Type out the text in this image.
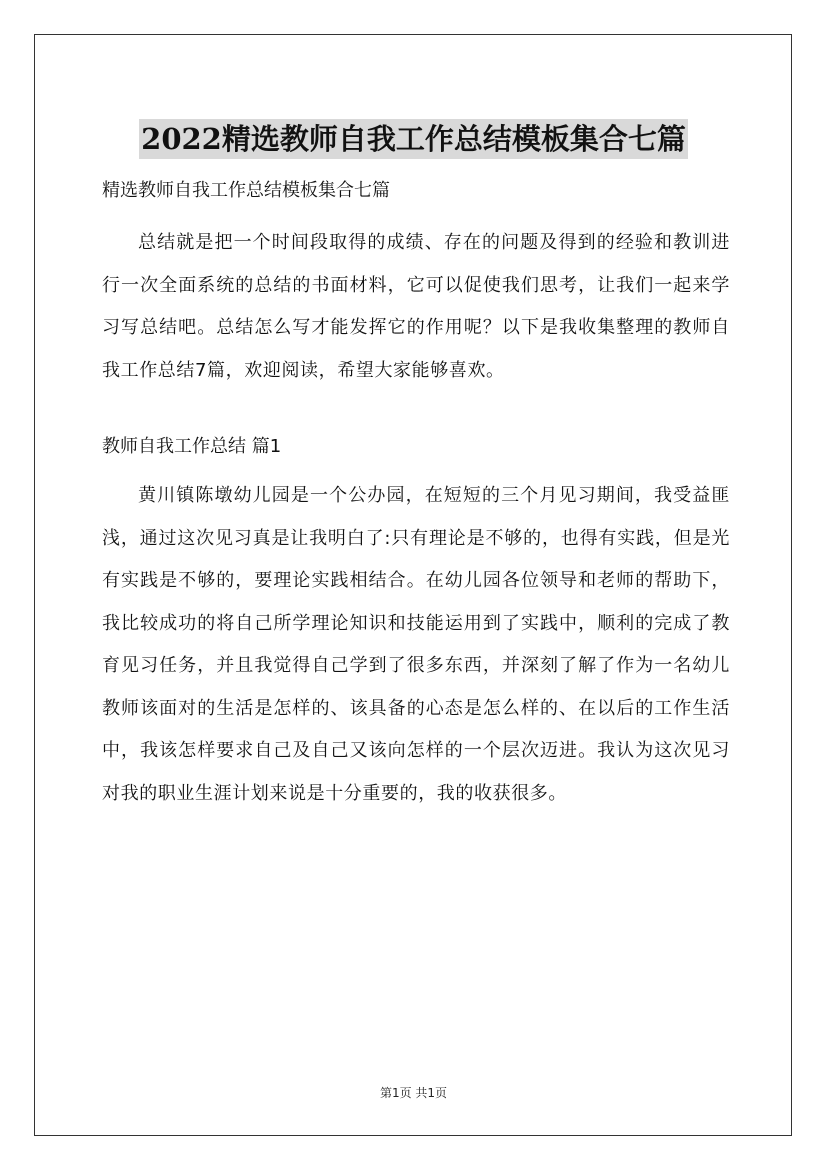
2022精选教师自我工作总结模板集合七篇

精选教师自我工作总结模板集合七篇

总结就是把一个时间段取得的成绩、存在的问题及得到的经验和教训进行一次全面系统的总结的书面材料，它可以促使我们思考，让我们一起来学习写总结吧。总结怎么写才能发挥它的作用呢？以下是我收集整理的教师自我工作总结7篇，欢迎阅读，希望大家能够喜欢。

教师自我工作总结 篇1

黄川镇陈墩幼儿园是一个公办园，在短短的三个月见习期间，我受益匪浅，通过这次见习真是让我明白了:只有理论是不够的，也得有实践，但是光有实践是不够的，要理论实践相结合。在幼儿园各位领导和老师的帮助下，我比较成功的将自己所学理论知识和技能运用到了实践中，顺利的完成了教育见习任务，并且我觉得自己学到了很多东西，并深刻了解了作为一名幼儿教师该面对的生活是怎样的、该具备的心态是怎么样的、在以后的工作生活中，我该怎样要求自己及自己又该向怎样的一个层次迈进。我认为这次见习对我的职业生涯计划来说是十分重要的，我的收获很多。

第1页 共1页
